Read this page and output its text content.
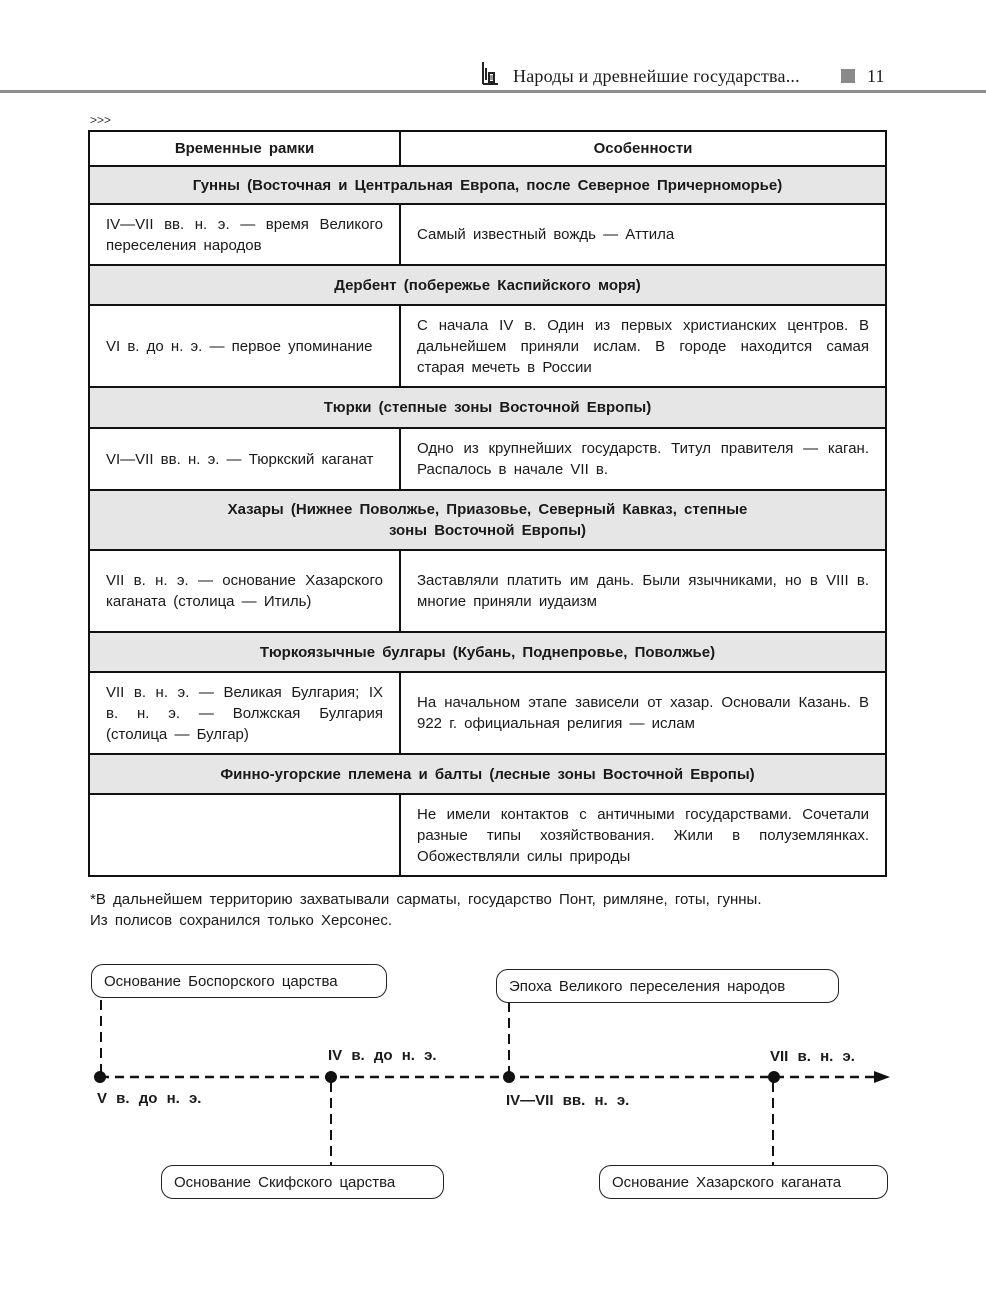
Народы и древнейшие государства...	11
>>>
Временные рамки	Особенности
Гунны (Восточная и Центральная Европа, после Северное Причерноморье)	
IV—VII вв. н. э. — время Великого переселения народов	Самый известный вождь — Аттила
Дербент (побережье Каспийского моря)	
VI в. до н. э. — первое упоминание	С начала IV в. Один из первых христианских центров. В дальнейшем приняли ислам. В городе находится самая старая мечеть в России
Тюрки (степные зоны Восточной Европы)	
VI—VII вв. н. э. — Тюркский каганат	Одно из крупнейших государств. Титул правителя — каган. Распалось в начале VII в.
Хазары (Нижнее Поволжье, Приазовье, Северный Кавказ, степные зоны Восточной Европы)	
VII в. н. э. — основание Хазарского каганата (столица — Итиль)	Заставляли платить им дань. Были язычниками, но в VIII в. многие приняли иудаизм
Тюркоязычные булгары (Кубань, Поднепровье, Поволжье)	
VII в. н. э. — Великая Булгария; IX в. н. э. — Волжская Булгария (столица — Булгар)	На начальном этапе зависели от хазар. Основали Казань. В 922 г. официальная религия — ислам
Финно-угорские племена и балты (лесные зоны Восточной Европы)	
	Не имели контактов с античными государствами. Сочетали разные типы хозяйствования. Жили в полуземлянках. Обожествляли силы природы
*В дальнейшем территорию захватывали сарматы, государство Понт, римляне, готы, гунны. Из полисов сохранился только Херсонес.
Основание Боспорского царства	Эпоха Великого переселения народов
Основание Скифского царства	Основание Хазарского каганата
V в. до н. э.
IV в. до н. э.
IV—VII вв. н. э.
VII в. н. э.
